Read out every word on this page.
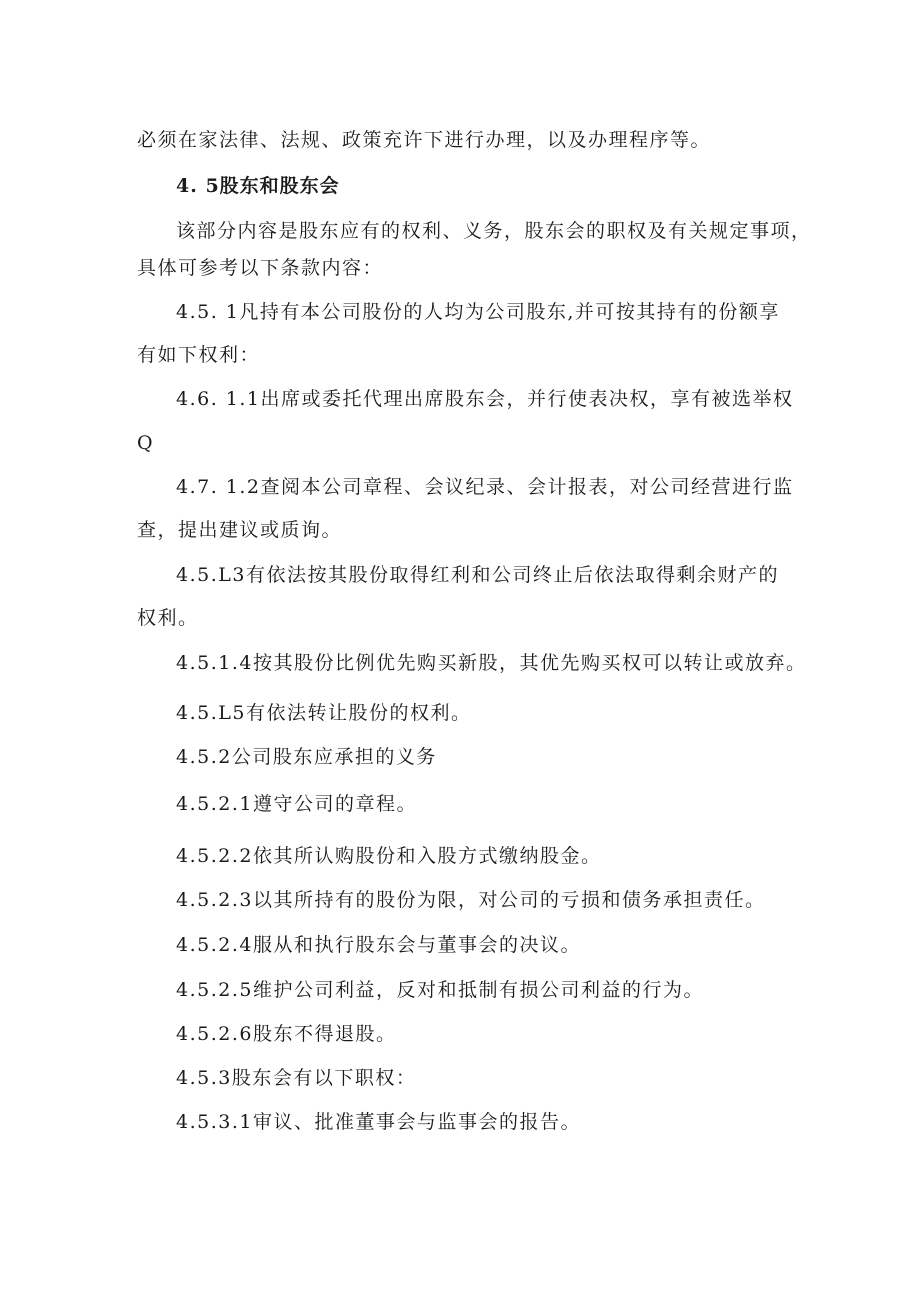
必须在家法律、法规、政策充许下进行办理，以及办理程序等。
4. 5股东和股东会
该部分内容是股东应有的权利、义务，股东会的职权及有关规定事项，
具体可参考以下条款内容：
4.5. 1凡持有本公司股份的人均为公司股东,并可按其持有的份额享
有如下权利：
4.6. 1.1出席或委托代理出席股东会，并行使表决权，享有被选举权
Q
4.7. 1.2查阅本公司章程、会议纪录、会计报表，对公司经营进行监
查，提出建议或质询。
4.5.L3有依法按其股份取得红利和公司终止后依法取得剩余财产的
权利。
4.5.1.4按其股份比例优先购买新股，其优先购买权可以转让或放弃。
4.5.L5有依法转让股份的权利。
4.5.2公司股东应承担的义务
4.5.2.1遵守公司的章程。
4.5.2.2依其所认购股份和入股方式缴纳股金。
4.5.2.3以其所持有的股份为限，对公司的亏损和债务承担责任。
4.5.2.4服从和执行股东会与董事会的决议。
4.5.2.5维护公司利益，反对和抵制有损公司利益的行为。
4.5.2.6股东不得退股。
4.5.3股东会有以下职权：
4.5.3.1审议、批准董事会与监事会的报告。
